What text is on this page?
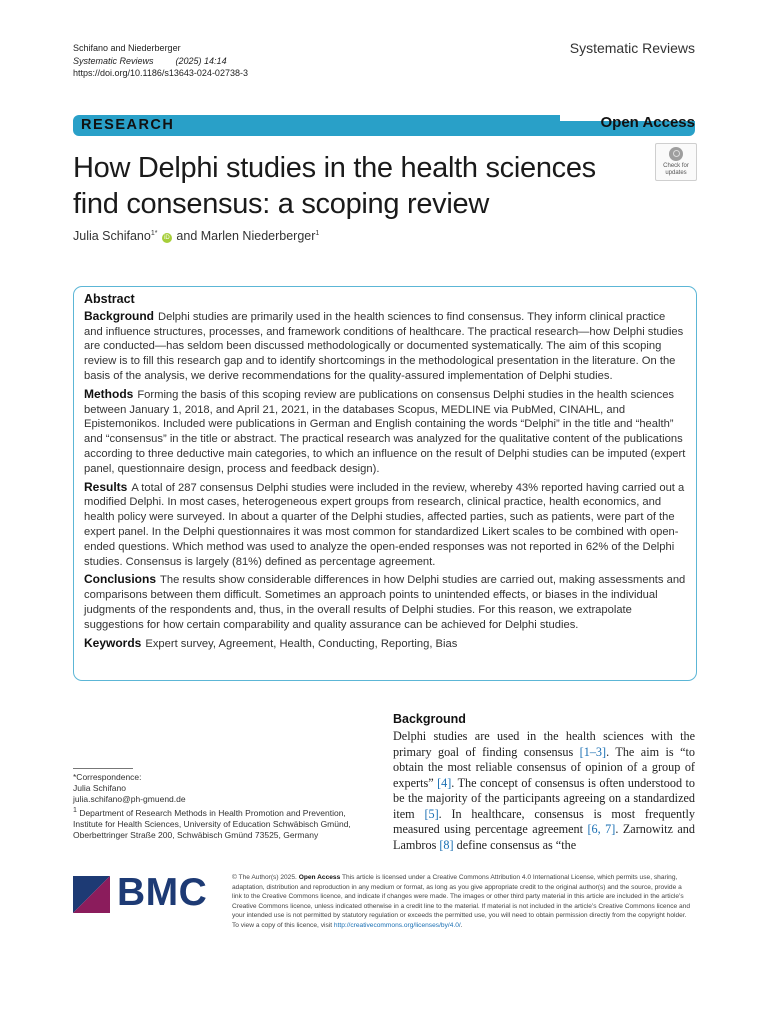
Schifano and Niederberger
Systematic Reviews (2025) 14:14
https://doi.org/10.1186/s13643-024-02738-3
Systematic Reviews
RESEARCH	Open Access
How Delphi studies in the health sciences find consensus: a scoping review
Check for
updates
Julia Schifano$^{1*}$ iD and Marlen Niederberger$^1$
Abstract

Background Delphi studies are primarily used in the health sciences to find consensus. They inform clinical practice and influence structures, processes, and framework conditions of healthcare. The practical research—how Delphi studies are conducted—has seldom been discussed methodologically or documented systematically. The aim of this scoping review is to fill this research gap and to identify shortcomings in the methodological presentation in the literature. On the basis of the analysis, we derive recommendations for the quality-assured implementation of Delphi studies.

Methods Forming the basis of this scoping review are publications on consensus Delphi studies in the health sciences between January 1, 2018, and April 21, 2021, in the databases Scopus, MEDLINE via PubMed, CINAHL, and Epistemonikos. Included were publications in German and English containing the words “Delphi” in the title and “health” and “consensus” in the title or abstract. The practical research was analyzed for the qualitative content of the publications according to three deductive main categories, to which an influence on the result of Delphi studies can be imputed (expert panel, questionnaire design, process and feedback design).

Results A total of 287 consensus Delphi studies were included in the review, whereby 43% reported having carried out a modified Delphi. In most cases, heterogeneous expert groups from research, clinical practice, health economics, and health policy were surveyed. In about a quarter of the Delphi studies, affected parties, such as patients, were part of the expert panel. In the Delphi questionnaires it was most common for standardized Likert scales to be combined with open-ended questions. Which method was used to analyze the open-ended responses was not reported in 62% of the Delphi studies. Consensus is largely (81%) defined as percentage agreement.

Conclusions The results show considerable differences in how Delphi studies are carried out, making assessments and comparisons between them difficult. Sometimes an approach points to unintended effects, or biases in the individual judgments of the respondents and, thus, in the overall results of Delphi studies. For this reason, we extrapolate suggestions for how certain comparability and quality assurance can be achieved for Delphi studies.

Keywords Expert survey, Agreement, Health, Conducting, Reporting, Bias

*Correspondence:
Julia Schifano
julia.schifano@ph-gmuend.de
$^1$ Department of Research Methods in Health Promotion and Prevention, Institute for Health Sciences, University of Education Schwäbisch Gmünd, Oberbettringer Straße 200, Schwäbisch Gmünd 73525, Germany
Background

Delphi studies are used in the health sciences with the primary goal of finding consensus [1–3]. The aim is “to obtain the most reliable consensus of opinion of a group of experts” [4]. The concept of consensus is often understood to be the majority of the participants agreeing on a standardized item [5]. In healthcare, consensus is most frequently measured using percentage agreement [6, 7]. Zarnowitz and Lambros [8] define consensus as “the

BMC	© The Author(s) 2025. Open Access This article is licensed under a Creative Commons Attribution 4.0 International License, which permits use, sharing, adaptation, distribution and reproduction in any medium or format, as long as you give appropriate credit to the original author(s) and the source, provide a link to the Creative Commons licence, and indicate if changes were made. The images or other third party material in this article are included in the article’s Creative Commons licence, unless indicated otherwise in a credit line to the material. If material is not included in the article’s Creative Commons licence and your intended use is not permitted by statutory regulation or exceeds the permitted use, you will need to obtain permission directly from the copyright holder. To view a copy of this licence, visit http://creativecommons.org/licenses/by/4.0/.
